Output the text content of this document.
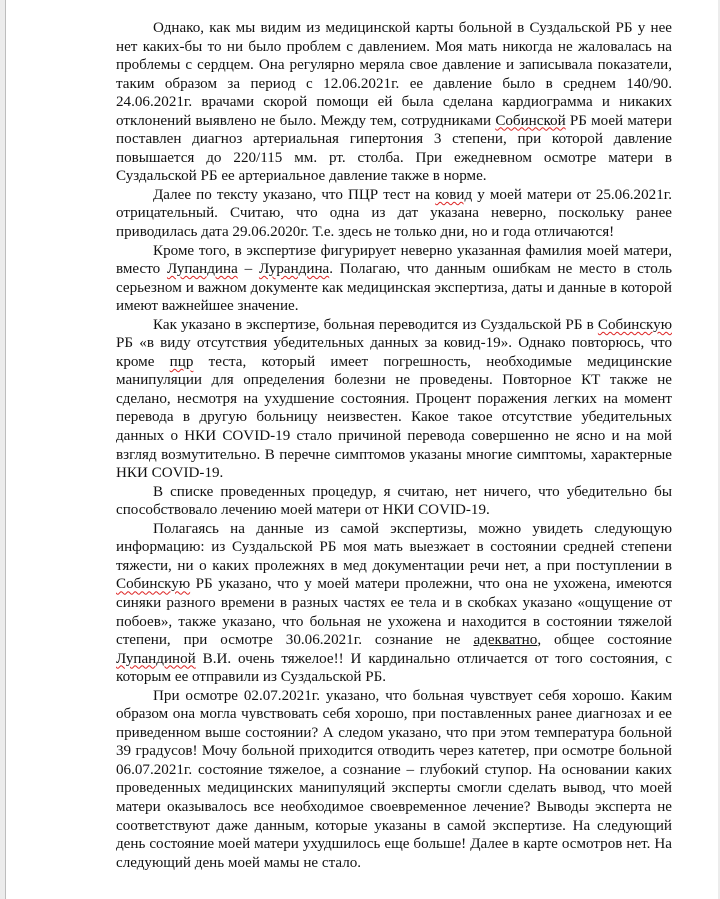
Однако, как мы видим из медицинской карты больной в Суздальской РБ у нее нет каких-бы то ни было проблем с давлением. Моя мать никогда не жаловалась на проблемы с сердцем. Она регулярно меряла свое давление и записывала показатели, таким образом за период с 12.06.2021г. ее давление было в среднем 140/90. 24.06.2021г. врачами скорой помощи ей была сделана кардиограмма и никаких отклонений выявлено не было. Между тем, сотрудниками Собинской РБ моей матери поставлен диагноз артериальная гипертония 3 степени, при которой давление повышается до 220/115 мм. рт. столба. При ежедневном осмотре матери в Суздальской РБ ее артериальное давление также в норме.

Далее по тексту указано, что ПЦР тест на ковид у моей матери от 25.06.2021г. отрицательный. Считаю, что одна из дат указана неверно, поскольку ранее приводилась дата 29.06.2020г. Т.е. здесь не только дни, но и года отличаются!

Кроме того, в экспертизе фигурирует неверно указанная фамилия моей матери, вместо Лупандина – Лурандина. Полагаю, что данным ошибкам не место в столь серьезном и важном документе как медицинская экспертиза, даты и данные в которой имеют важнейшее значение.

Как указано в экспертизе, больная переводится из Суздальской РБ в Собинскую РБ «в виду отсутствия убедительных данных за ковид-19». Однако повторюсь, что кроме пцр теста, который имеет погрешность, необходимые медицинские манипуляции для определения болезни не проведены. Повторное КТ также не сделано, несмотря на ухудшение состояния. Процент поражения легких на момент перевода в другую больницу неизвестен. Какое такое отсутствие убедительных данных о НКИ COVID-19 стало причиной перевода совершенно не ясно и на мой взгляд возмутительно. В перечне симптомов указаны многие симптомы, характерные НКИ COVID-19.

В списке проведенных процедур, я считаю, нет ничего, что убедительно бы способствовало лечению моей матери от НКИ COVID-19.

Полагаясь на данные из самой экспертизы, можно увидеть следующую информацию: из Суздальской РБ моя мать выезжает в состоянии средней степени тяжести, ни о каких пролежнях в мед документации речи нет, а при поступлении в Собинскую РБ указано, что у моей матери пролежни, что она не ухожена, имеются синяки разного времени в разных частях ее тела и в скобках указано «ощущение от побоев», также указано, что больная не ухожена и находится в состоянии тяжелой степени, при осмотре 30.06.2021г. сознание не адекватно, общее состояние Лупандиной В.И. очень тяжелое!! И кардинально отличается от того состояния, с которым ее отправили из Суздальской РБ.

При осмотре 02.07.2021г. указано, что больная чувствует себя хорошо. Каким образом она могла чувствовать себя хорошо, при поставленных ранее диагнозах и ее приведенном выше состоянии? А следом указано, что при этом температура больной 39 градусов! Мочу больной приходится отводить через катетер, при осмотре больной 06.07.2021г. состояние тяжелое, а сознание – глубокий ступор. На основании каких проведенных медицинских манипуляций эксперты смогли сделать вывод, что моей матери оказывалось все необходимое своевременное лечение? Выводы эксперта не соответствуют даже данным, которые указаны в самой экспертизе. На следующий день состояние моей матери ухудшилось еще больше! Далее в карте осмотров нет. На следующий день моей мамы не стало.
